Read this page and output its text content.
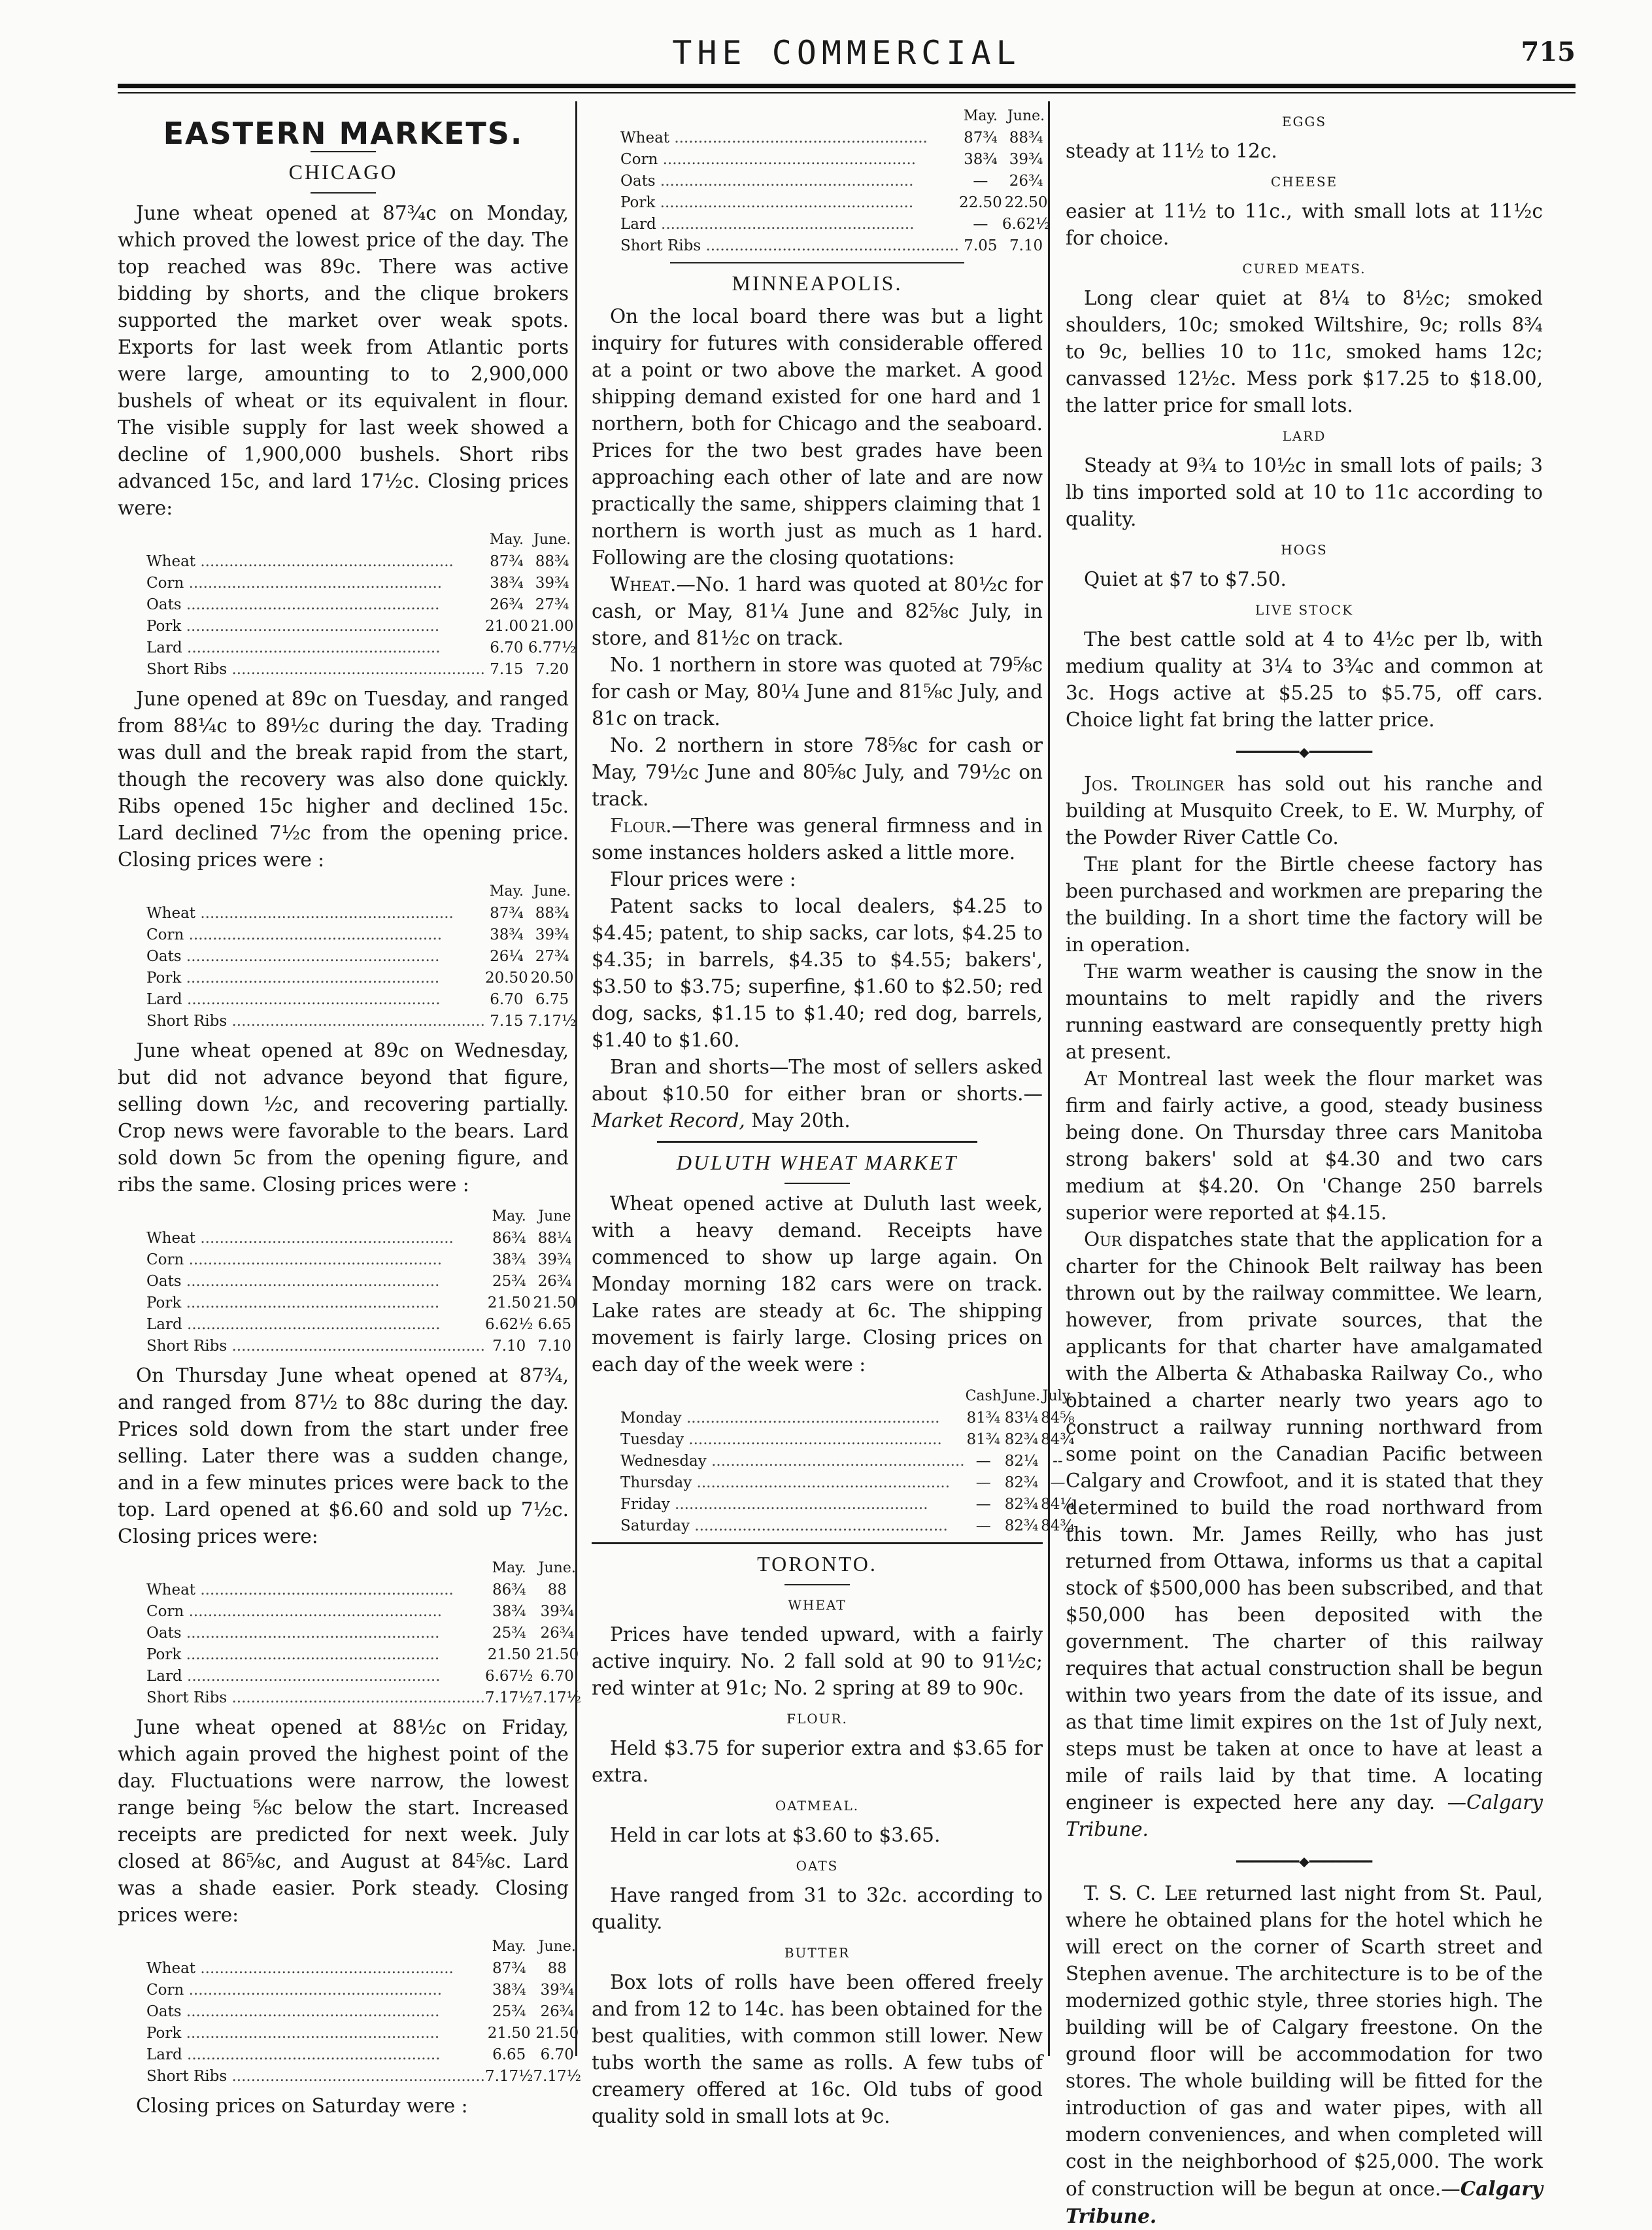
THE COMMERCIAL	715
EASTERN MARKETS.
CHICAGO

June wheat opened at 87¾c on Monday, which proved the lowest price of the day. The top reached was 89c. There was active bidding by shorts, and the clique brokers supported the market over weak spots. Exports for last week from Atlantic ports were large, amounting to to 2,900,000 bushels of wheat or its equivalent in flour. The visible supply for last week showed a decline of 1,900,000 bushels. Short ribs advanced 15c, and lard 17½c. Closing prices were:

	May.	June.
Wheat .....	87¾	88¾
Corn .....	38¾	39¾
Oats .....	26¾	27¾
Pork .....	21.00	21.00
Lard .....	6.70	6.77½
Short Ribs .....	7.15	7.20

June opened at 89c on Tuesday, and ranged from 88¼c to 89½c during the day. Trading was dull and the break rapid from the start, though the recovery was also done quickly. Ribs opened 15c higher and declined 15c. Lard declined 7½c from the opening price. Closing prices were :

	May.	June.
Wheat .....	87¾	88¾
Corn .....	38¾	39¾
Oats .....	26¼	27¾
Pork .....	20.50	20.50
Lard .....	6.70	6.75
Short Ribs .....	7.15	7.17½

June wheat opened at 89c on Wednesday, but did not advance beyond that figure, selling down ½c, and recovering partially. Crop news were favorable to the bears. Lard sold down 5c from the opening figure, and ribs the same. Closing prices were :

	May.	June
Wheat .....	86¾	88¼
Corn .....	38¾	39¾
Oats .....	25¾	26¾
Pork .....	21.50	21.50
Lard .....	6.62½	6.65
Short Ribs .....	7.10	7.10

On Thursday June wheat opened at 87¾, and ranged from 87½ to 88c during the day. Prices sold down from the start under free selling. Later there was a sudden change, and in a few minutes prices were back to the top. Lard opened at $6.60 and sold up 7½c. Closing prices were:

	May.	June.
Wheat .....	86¾	88
Corn .....	38¾	39¾
Oats .....	25¾	26¾
Pork .....	21.50	21.50
Lard .....	6.67½	6.70
Short Ribs .....	7.17½	7.17½

June wheat opened at 88½c on Friday, which again proved the highest point of the day. Fluctuations were narrow, the lowest range being ⅝c below the start. Increased receipts are predicted for next week. July closed at 86⅝c, and August at 84⅝c. Lard was a shade easier. Pork steady. Closing prices were:

	May.	June.
Wheat .....	87¾	88
Corn .....	38¾	39¾
Oats .....	25¾	26¾
Pork .....	21.50	21.50
Lard .....	6.65	6.70
Short Ribs .....	7.17½	7.17½

Closing prices on Saturday were :

	May.	June.
Wheat .....	87¾	88¾
Corn .....	38¾	39¾
Oats .....	—	26¾
Pork .....	22.50	22.50
Lard .....	—	6.62½
Short Ribs .....	7.05	7.10
MINNEAPOLIS.

On the local board there was but a light inquiry for futures with considerable offered at a point or two above the market. A good shipping demand existed for one hard and 1 northern, both for Chicago and the seaboard. Prices for the two best grades have been approaching each other of late and are now practically the same, shippers claiming that 1 northern is worth just as much as 1 hard. Following are the closing quotations:

Wheat.—No. 1 hard was quoted at 80½c for cash, or May, 81¼ June and 82⅝c July, in store, and 81½c on track.

No. 1 northern in store was quoted at 79⅝c for cash or May, 80¼ June and 81⅝c July, and 81c on track.

No. 2 northern in store 78⅝c for cash or May, 79½c June and 80⅝c July, and 79½c on track.

Flour.—There was general firmness and in some instances holders asked a little more.

Flour prices were :

Patent sacks to local dealers, $4.25 to $4.45; patent, to ship sacks, car lots, $4.25 to $4.35; in barrels, $4.35 to $4.55; bakers', $3.50 to $3.75; superfine, $1.60 to $2.50; red dog, sacks, $1.15 to $1.40; red dog, barrels, $1.40 to $1.60.

Bran and shorts—The most of sellers asked about $10.50 for either bran or shorts.—Market Record, May 20th.

DULUTH WHEAT MARKET

Wheat opened active at Duluth last week, with a heavy demand. Receipts have commenced to show up large again. On Monday morning 182 cars were on track. Lake rates are steady at 6c. The shipping movement is fairly large. Closing prices on each day of the week were :

	Cash	June.	July.
Monday .....	81¾	83¼	84⅝
Tuesday .....	81¾	82¾	84¾
Wednesday .....	—	82¼	--
Thursday .....	—	82¾	—
Friday .....	—	82¾	84¼
Saturday .....	—	82¾	84¾
TORONTO.
WHEAT

Prices have tended upward, with a fairly active inquiry. No. 2 fall sold at 90 to 91½c; red winter at 91c; No. 2 spring at 89 to 90c.

FLOUR.

Held $3.75 for superior extra and $3.65 for extra.

OATMEAL.

Held in car lots at $3.60 to $3.65.

OATS

Have ranged from 31 to 32c. according to quality.

BUTTER

Box lots of rolls have been offered freely and from 12 to 14c. has been obtained for the best qualities, with common still lower. New tubs worth the same as rolls. A few tubs of creamery offered at 16c. Old tubs of good quality sold in small lots at 9c.

EGGS

steady at 11½ to 12c.

CHEESE

easier at 11½ to 11c., with small lots at 11½c for choice.

CURED MEATS.

Long clear quiet at 8¼ to 8½c; smoked shoulders, 10c; smoked Wiltshire, 9c; rolls 8¾ to 9c, bellies 10 to 11c, smoked hams 12c; canvassed 12½c. Mess pork $17.25 to $18.00, the latter price for small lots.

LARD

Steady at 9¾ to 10½c in small lots of pails; 3 lb tins imported sold at 10 to 11c according to quality.

HOGS

Quiet at $7 to $7.50.

LIVE STOCK

The best cattle sold at 4 to 4½c per lb, with medium quality at 3¼ to 3¾c and common at 3c. Hogs active at $5.25 to $5.75, off cars. Choice light fat bring the latter price.

━━━━━━━━◆━━━━━━━━

Jos. Trolinger has sold out his ranche and building at Musquito Creek, to E. W. Murphy, of the Powder River Cattle Co.

The plant for the Birtle cheese factory has been purchased and workmen are preparing the the building. In a short time the factory will be in operation.

The warm weather is causing the snow in the mountains to melt rapidly and the rivers running eastward are consequently pretty high at present.

At Montreal last week the flour market was firm and fairly active, a good, steady business being done. On Thursday three cars Manitoba strong bakers' sold at $4.30 and two cars medium at $4.20. On 'Change 250 barrels superior were reported at $4.15.

Our dispatches state that the application for a charter for the Chinook Belt railway has been thrown out by the railway committee. We learn, however, from private sources, that the applicants for that charter have amalgamated with the Alberta & Athabaska Railway Co., who obtained a charter nearly two years ago to construct a railway running northward from some point on the Canadian Pacific between Calgary and Crowfoot, and it is stated that they determined to build the road northward from this town. Mr. James Reilly, who has just returned from Ottawa, informs us that a capital stock of $500,000 has been subscribed, and that $50,000 has been deposited with the government. The charter of this railway requires that actual construction shall be begun within two years from the date of its issue, and as that time limit expires on the 1st of July next, steps must be taken at once to have at least a mile of rails laid by that time. A locating engineer is expected here any day. —Calgary Tribune.

━━━━━━━━◆━━━━━━━━

T. S. C. Lee returned last night from St. Paul, where he obtained plans for the hotel which he will erect on the corner of Scarth street and Stephen avenue. The architecture is to be of the modernized gothic style, three stories high. The building will be of Calgary freestone. On the ground floor will be accommodation for two stores. The whole building will be fitted for the introduction of gas and water pipes, with all modern conveniences, and when completed will cost in the neighborhood of $25,000. The work of construction will be begun at once.—Calgary Tribune.
